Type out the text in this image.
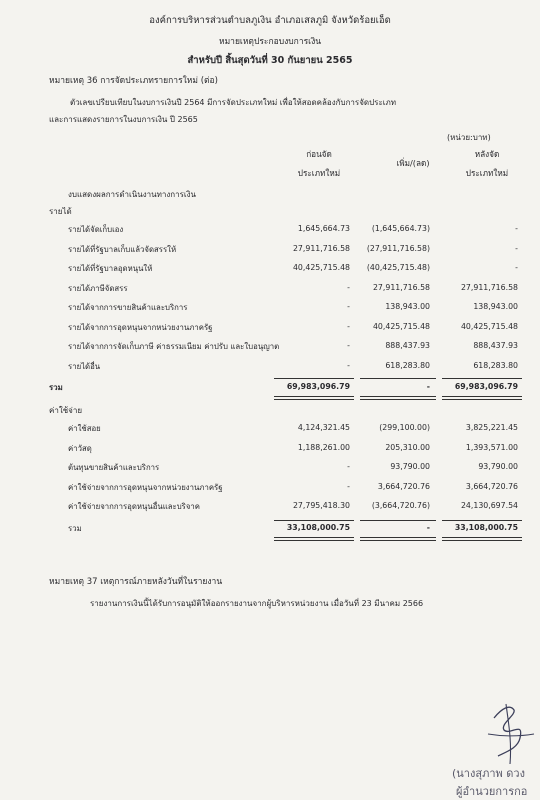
องค์การบริหารส่วนตำบลภูเงิน อำเภอเสลภูมิ จังหวัดร้อยเอ็ด
หมายเหตุประกอบงบการเงิน
สำหรับปี สิ้นสุดวันที่ 30 กันยายน 2565
หมายเหตุ 36 การจัดประเภทรายการใหม่ (ต่อ)
ตัวเลขเปรียบเทียบในงบการเงินปี 2564 มีการจัดประเภทใหม่ เพื่อให้สอดคล้องกับการจัดประเภท
และการแสดงรายการในงบการเงิน ปี 2565
(หน่วย:บาท)
ก่อนจัด
ประเภทใหม่
เพิ่ม/(ลด)
หลังจัด
ประเภทใหม่
งบแสดงผลการดำเนินงานทางการเงิน
รายได้
รายได้จัดเก็บเอง	1,645,664.73	(1,645,664.73)	-
รายได้ที่รัฐบาลเก็บแล้วจัดสรรให้	27,911,716.58 (27,911,716.58)	-
รายได้ที่รัฐบาลอุดหนุนให้	40,425,715.48 (40,425,715.48)	-
รายได้ภาษีจัดสรร	-	27,911,716.58	27,911,716.58
รายได้จากการขายสินค้าและบริการ	-	138,943.00	138,943.00
รายได้จากการอุดหนุนจากหน่วยงานภาครัฐ	-	40,425,715.48	40,425,715.48
รายได้จากการจัดเก็บภาษี ค่าธรรมเนียม ค่าปรับ และใบอนุญาต	-	888,437.93	888,437.93
รายได้อื่น	-	618,283.80	618,283.80
รวม	69,983,096.79	-	69,983,096.79
ค่าใช้จ่าย
ค่าใช้สอย	4,124,321.45	(299,100.00)	3,825,221.45
ค่าวัสดุ	1,188,261.00	205,310.00	1,393,571.00
ต้นทุนขายสินค้าและบริการ	-	93,790.00	93,790.00
ค่าใช้จ่ายจากการอุดหนุนจากหน่วยงานภาครัฐ	-	3,664,720.76	3,664,720.76
ค่าใช้จ่ายจากการอุดหนุนอื่นและบริจาค	27,795,418.30	(3,664,720.76)	24,130,697.54
รวม	33,108,000.75	-	33,108,000.75
หมายเหตุ 37 เหตุการณ์ภายหลังวันที่ในรายงาน
รายงานการเงินนี้ได้รับการอนุมัติให้ออกรายงานจากผู้บริหารหน่วยงาน เมื่อวันที่ 23 มีนาคม 2566
(นางสุภาพ ดวง
ผู้อำนวยการกอ
